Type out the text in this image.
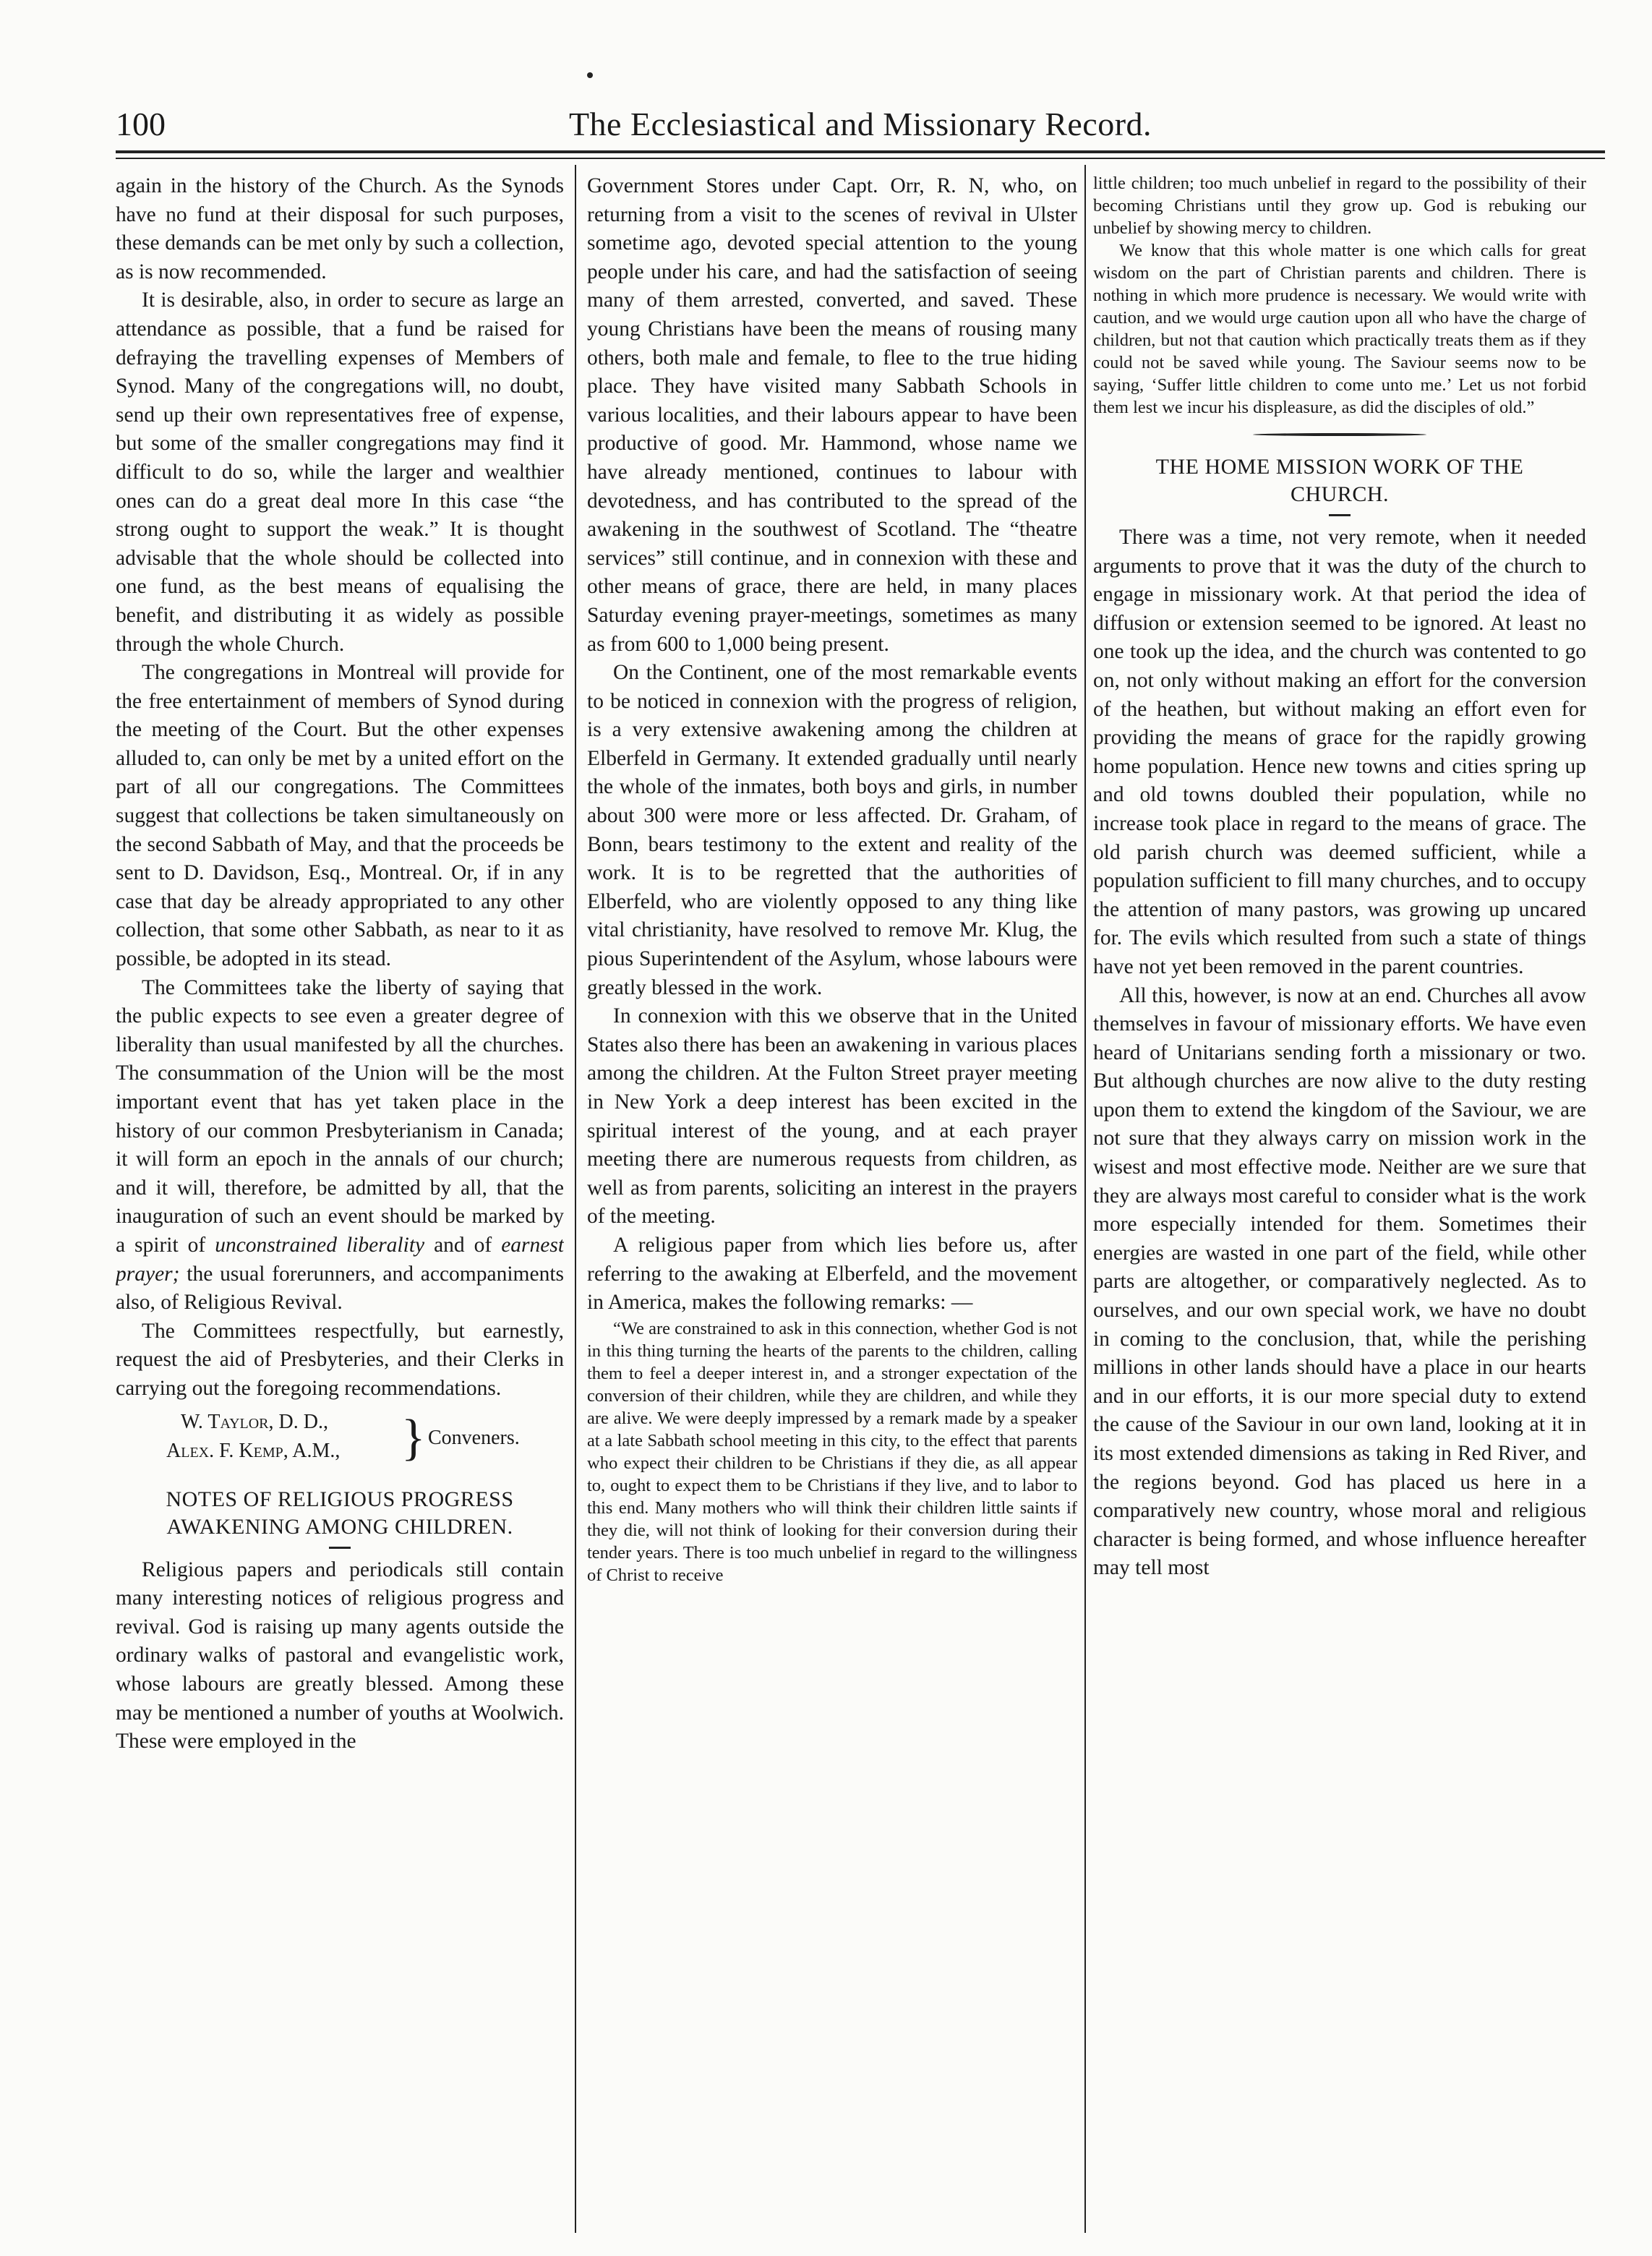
100	The Ecclesiastical and Missionary Record.

again in the history of the Church. As the Synods have no fund at their disposal for such purposes, these demands can be met only by such a collection, as is now recommended.

It is desirable, also, in order to secure as large an attendance as possible, that a fund be raised for defraying the travelling expenses of Members of Synod. Many of the congregations will, no doubt, send up their own representatives free of expense, but some of the smaller congregations may find it difficult to do so, while the larger and wealthier ones can do a great deal more In this case “the strong ought to support the weak.” It is thought advisable that the whole should be collected into one fund, as the best means of equalising the benefit, and distributing it as widely as possible through the whole Church.

The congregations in Montreal will provide for the free entertainment of members of Synod during the meeting of the Court. But the other expenses alluded to, can only be met by a united effort on the part of all our congregations. The Committees suggest that collections be taken simultaneously on the second Sabbath of May, and that the proceeds be sent to D. Davidson, Esq., Montreal. Or, if in any case that day be already appropriated to any other collection, that some other Sabbath, as near to it as possible, be adopted in its stead.

The Committees take the liberty of saying that the public expects to see even a greater degree of liberality than usual manifested by all the churches. The consummation of the Union will be the most important event that has yet taken place in the history of our common Presbyterianism in Canada; it will form an epoch in the annals of our church; and it will, therefore, be admitted by all, that the inauguration of such an event should be marked by a spirit of unconstrained liberality and of earnest prayer; the usual forerunners, and accompaniments also, of Religious Revival.

The Committees respectfully, but earnestly, request the aid of Presbyteries, and their Clerks in carrying out the foregoing recommendations.

W. Taylor, D. D.,
Alex. F. Kemp, A.M., } Conveners.
NOTES OF RELIGIOUS PROGRESS
AWAKENING AMONG CHILDREN.

Religious papers and periodicals still contain many interesting notices of religious progress and revival. God is raising up many agents outside the ordinary walks of pastoral and evangelistic work, whose labours are greatly blessed. Among these may be mentioned a number of youths at Woolwich. These were employed in the

Government Stores under Capt. Orr, R. N, who, on returning from a visit to the scenes of revival in Ulster sometime ago, devoted special attention to the young people under his care, and had the satisfaction of seeing many of them arrested, converted, and saved. These young Christians have been the means of rousing many others, both male and female, to flee to the true hiding place. They have visited many Sabbath Schools in various localities, and their labours appear to have been productive of good. Mr. Hammond, whose name we have already mentioned, continues to labour with devotedness, and has contributed to the spread of the awakening in the southwest of Scotland. The “theatre services” still continue, and in connexion with these and other means of grace, there are held, in many places Saturday evening prayer-meetings, sometimes as many as from 600 to 1,000 being present.

On the Continent, one of the most remarkable events to be noticed in connexion with the progress of religion, is a very extensive awakening among the children at Elberfeld in Germany. It extended gradually until nearly the whole of the inmates, both boys and girls, in number about 300 were more or less affected. Dr. Graham, of Bonn, bears testimony to the extent and reality of the work. It is to be regretted that the authorities of Elberfeld, who are violently opposed to any thing like vital christianity, have resolved to remove Mr. Klug, the pious Superintendent of the Asylum, whose labours were greatly blessed in the work.

In connexion with this we observe that in the United States also there has been an awakening in various places among the children. At the Fulton Street prayer meeting in New York a deep interest has been excited in the spiritual interest of the young, and at each prayer meeting there are numerous requests from children, as well as from parents, soliciting an interest in the prayers of the meeting.

A religious paper from which lies before us, after referring to the awaking at Elberfeld, and the movement in America, makes the following remarks: —

“We are constrained to ask in this connection, whether God is not in this thing turning the hearts of the parents to the children, calling them to feel a deeper interest in, and a stronger expectation of the conversion of their children, while they are children, and while they are alive. We were deeply impressed by a remark made by a speaker at a late Sabbath school meeting in this city, to the effect that parents who expect their children to be Christians if they die, as all appear to, ought to expect them to be Christians if they live, and to labor to this end. Many mothers who will think their children little saints if they die, will not think of looking for their conversion during their tender years. There is too much unbelief in regard to the willingness of Christ to receive

little children; too much unbelief in regard to the possibility of their becoming Christians until they grow up. God is rebuking our unbelief by showing mercy to children.

We know that this whole matter is one which calls for great wisdom on the part of Christian parents and children. There is nothing in which more prudence is necessary. We would write with caution, and we would urge caution upon all who have the charge of children, but not that caution which practically treats them as if they could not be saved while young. The Saviour seems now to be saying, ‘Suffer little children to come unto me.’ Let us not forbid them lest we incur his displeasure, as did the disciples of old.”

THE HOME MISSION WORK OF THE
CHURCH.

There was a time, not very remote, when it needed arguments to prove that it was the duty of the church to engage in missionary work. At that period the idea of diffusion or extension seemed to be ignored. At least no one took up the idea, and the church was contented to go on, not only without making an effort for the conversion of the heathen, but without making an effort even for providing the means of grace for the rapidly growing home population. Hence new towns and cities spring up and old towns doubled their population, while no increase took place in regard to the means of grace. The old parish church was deemed sufficient, while a population sufficient to fill many churches, and to occupy the attention of many pastors, was growing up uncared for. The evils which resulted from such a state of things have not yet been removed in the parent countries.

All this, however, is now at an end. Churches all avow themselves in favour of missionary efforts. We have even heard of Unitarians sending forth a missionary or two. But although churches are now alive to the duty resting upon them to extend the kingdom of the Saviour, we are not sure that they always carry on mission work in the wisest and most effective mode. Neither are we sure that they are always most careful to consider what is the work more especially intended for them. Sometimes their energies are wasted in one part of the field, while other parts are altogether, or comparatively neglected. As to ourselves, and our own special work, we have no doubt in coming to the conclusion, that, while the perishing millions in other lands should have a place in our hearts and in our efforts, it is our more special duty to extend the cause of the Saviour in our own land, looking at it in its most extended dimensions as taking in Red River, and the regions beyond. God has placed us here in a comparatively new country, whose moral and religious character is being formed, and whose influence hereafter may tell most
